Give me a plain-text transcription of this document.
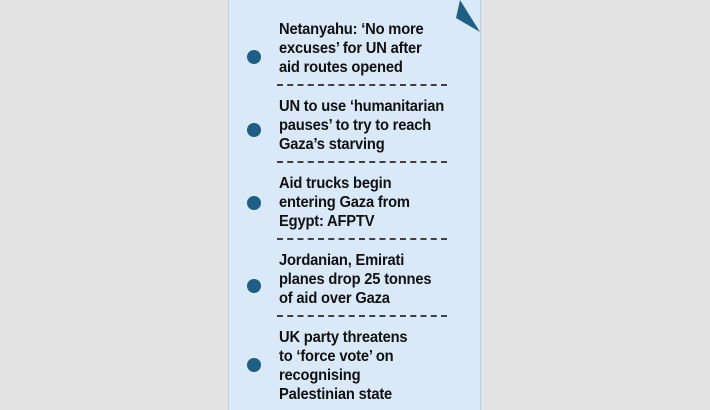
Netanyahu: ‘No more
excuses’ for UN after
aid routes opened
UN to use ‘humanitarian
pauses’ to try to reach
Gaza’s starving
Aid trucks begin
entering Gaza from
Egypt: AFPTV
Jordanian, Emirati
planes drop 25 tonnes
of aid over Gaza
UK party threatens
to ‘force vote’ on
recognising
Palestinian state
